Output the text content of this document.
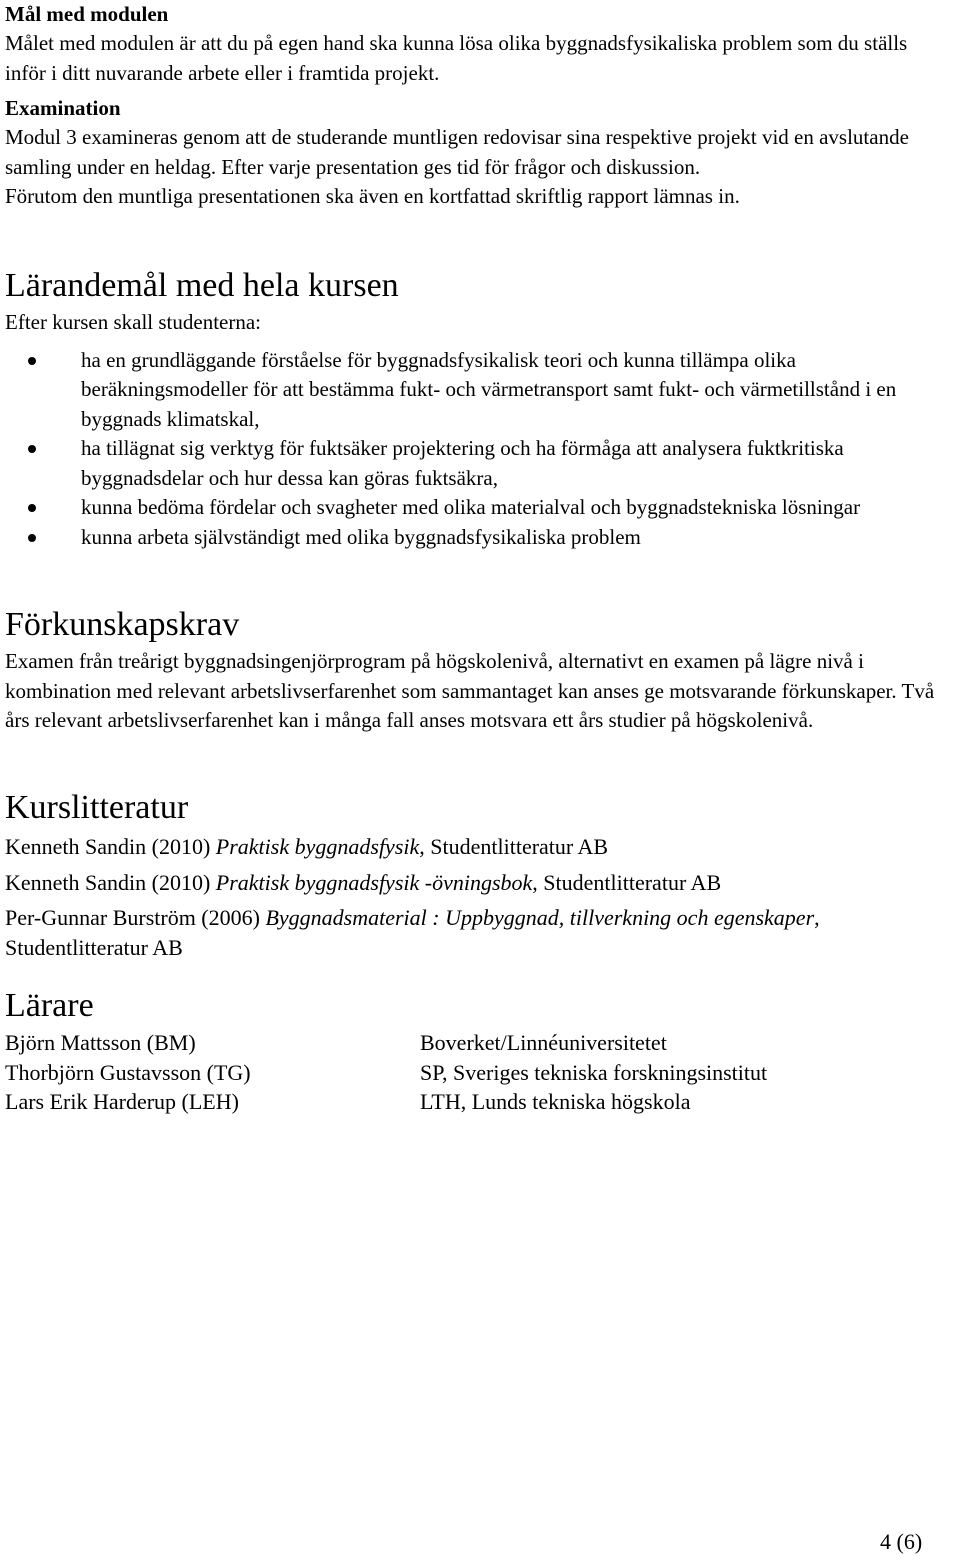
Mål med modulen

Målet med modulen är att du på egen hand ska kunna lösa olika byggnadsfysikaliska problem som du ställs inför i ditt nuvarande arbete eller i framtida projekt.

Examination

Modul 3 examineras genom att de studerande muntligen redovisar sina respektive projekt vid en avslutande samling under en heldag. Efter varje presentation ges tid för frågor och diskussion.

Förutom den muntliga presentationen ska även en kortfattad skriftlig rapport lämnas in.

Lärandemål med hela kursen

Efter kursen skall studenterna:

ha en grundläggande förståelse för byggnadsfysikalisk teori och kunna tillämpa olika beräkningsmodeller för att bestämma fukt- och värmetransport samt fukt- och värmetillstånd i en byggnads klimatskal,
ha tillägnat sig verktyg för fuktsäker projektering och ha förmåga att analysera fuktkritiska byggnadsdelar och hur dessa kan göras fuktsäkra,
kunna bedöma fördelar och svagheter med olika materialval och byggnadstekniska lösningar
kunna arbeta självständigt med olika byggnadsfysikaliska problem
Förkunskapskrav

Examen från treårigt byggnadsingenjörprogram på högskolenivå, alternativt en examen på lägre nivå i kombination med relevant arbetslivserfarenhet som sammantaget kan anses ge motsvarande förkunskaper. Två års relevant arbetslivserfarenhet kan i många fall anses motsvara ett års studier på högskolenivå.

Kurslitteratur

Kenneth Sandin (2010) Praktisk byggnadsfysik, Studentlitteratur AB

Kenneth Sandin (2010) Praktisk byggnadsfysik -övningsbok, Studentlitteratur AB

Per-Gunnar Burström (2006) Byggnadsmaterial : Uppbyggnad, tillverkning och egenskaper, Studentlitteratur AB

Lärare
Björn Mattsson (BM)	Boverket/Linnéuniversitetet
Thorbjörn Gustavsson (TG)	SP, Sveriges tekniska forskningsinstitut
Lars Erik Harderup (LEH)	LTH, Lunds tekniska högskola
4 (6)
